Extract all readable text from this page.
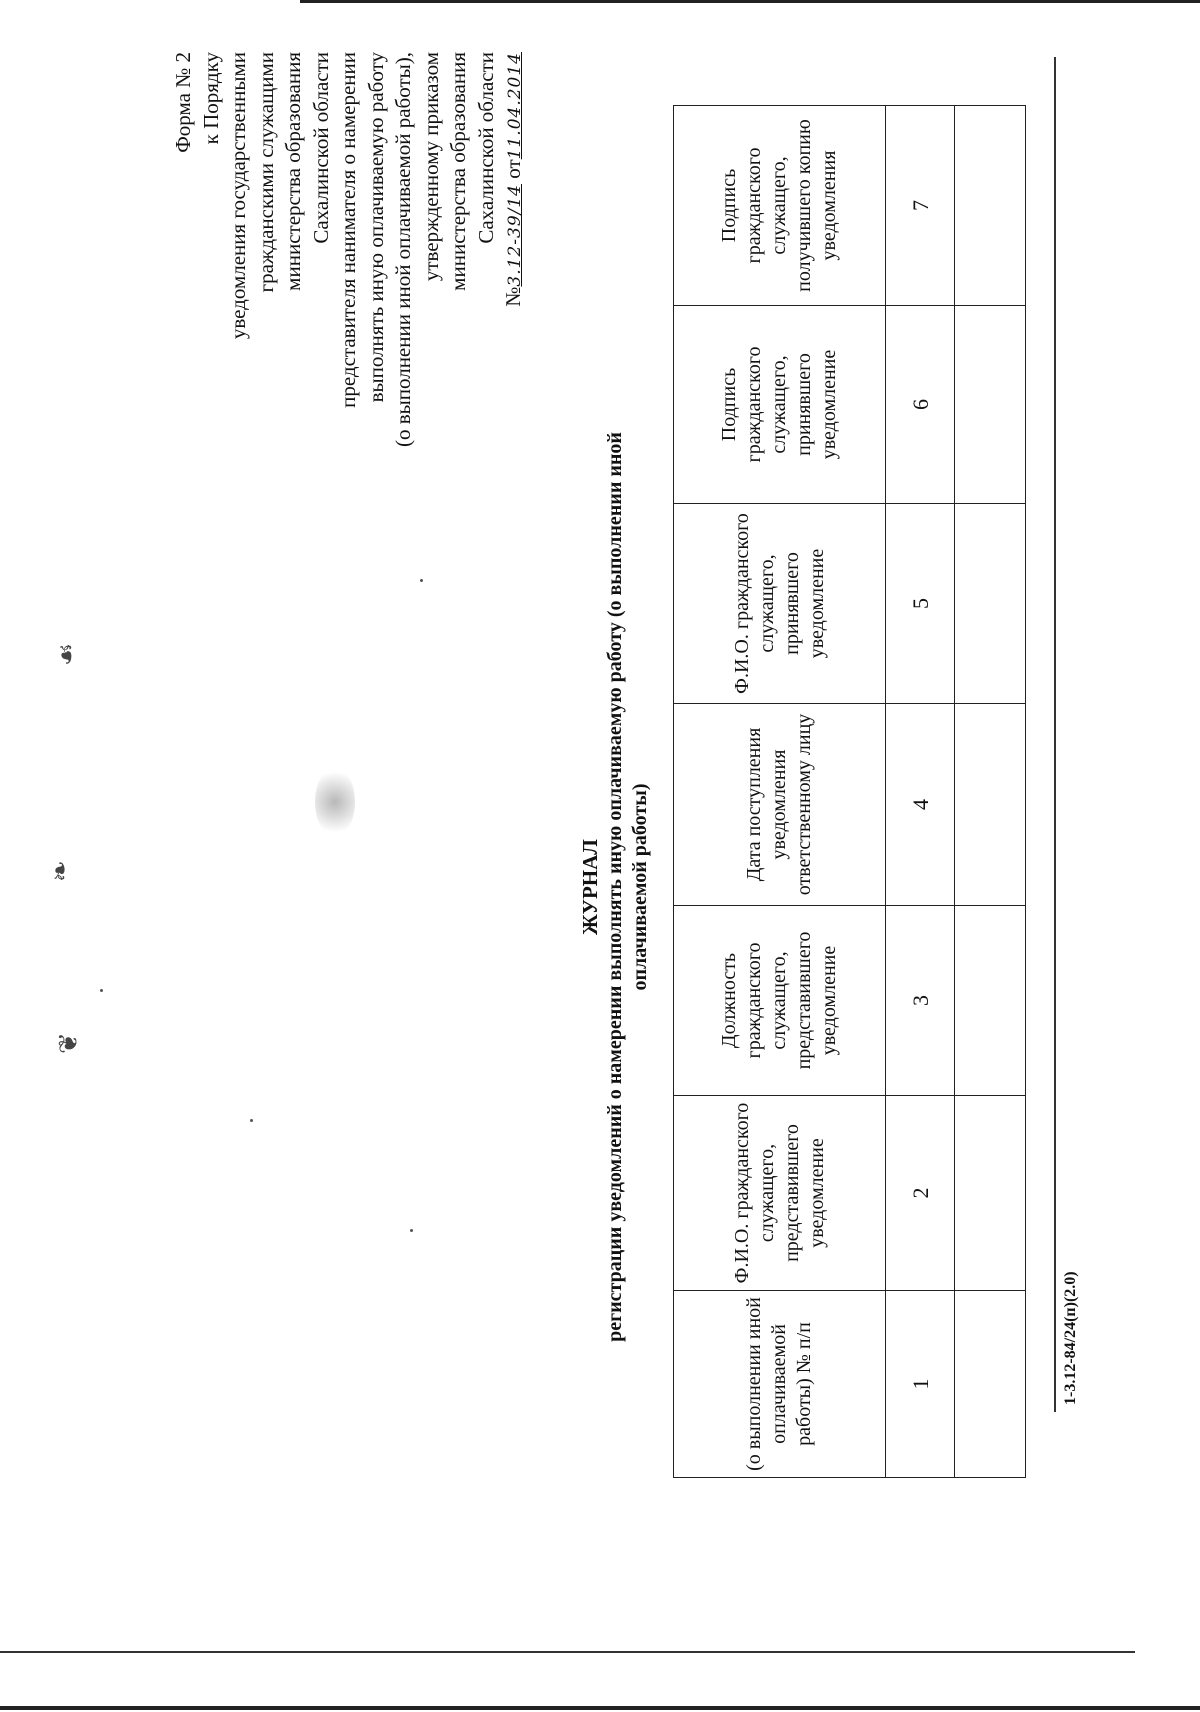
Форма № 2 к Порядку уведомления государственными гражданскими служащими министерства образования Сахалинской области представителя нанимателя о намерении выполнять иную оплачиваемую работу (о выполнении иной оплачиваемой работы), утвержденному приказом министерства образования Сахалинской области
№3.12-39/14 от11.04.2014
ЖУРНАЛ регистрации уведомлений о намерении выполнять иную оплачиваемую работу (о выполнении иной оплачиваемой работы)
(о выполнении иной оплачиваемой работы) № п/п	Ф.И.О. гражданского служащего, представившего уведомление	Должность гражданского служащего, представившего уведомление	Дата поступления уведомления ответственному лицу	Ф.И.О. гражданского служащего, принявшего уведомление	Подпись гражданского служащего, принявшего уведомление	Подпись гражданского служащего, получившего копию уведомления
1	2	3	4	5	6	7

1-3.12-84/24(п)(2.0)
❦
❧
☙
